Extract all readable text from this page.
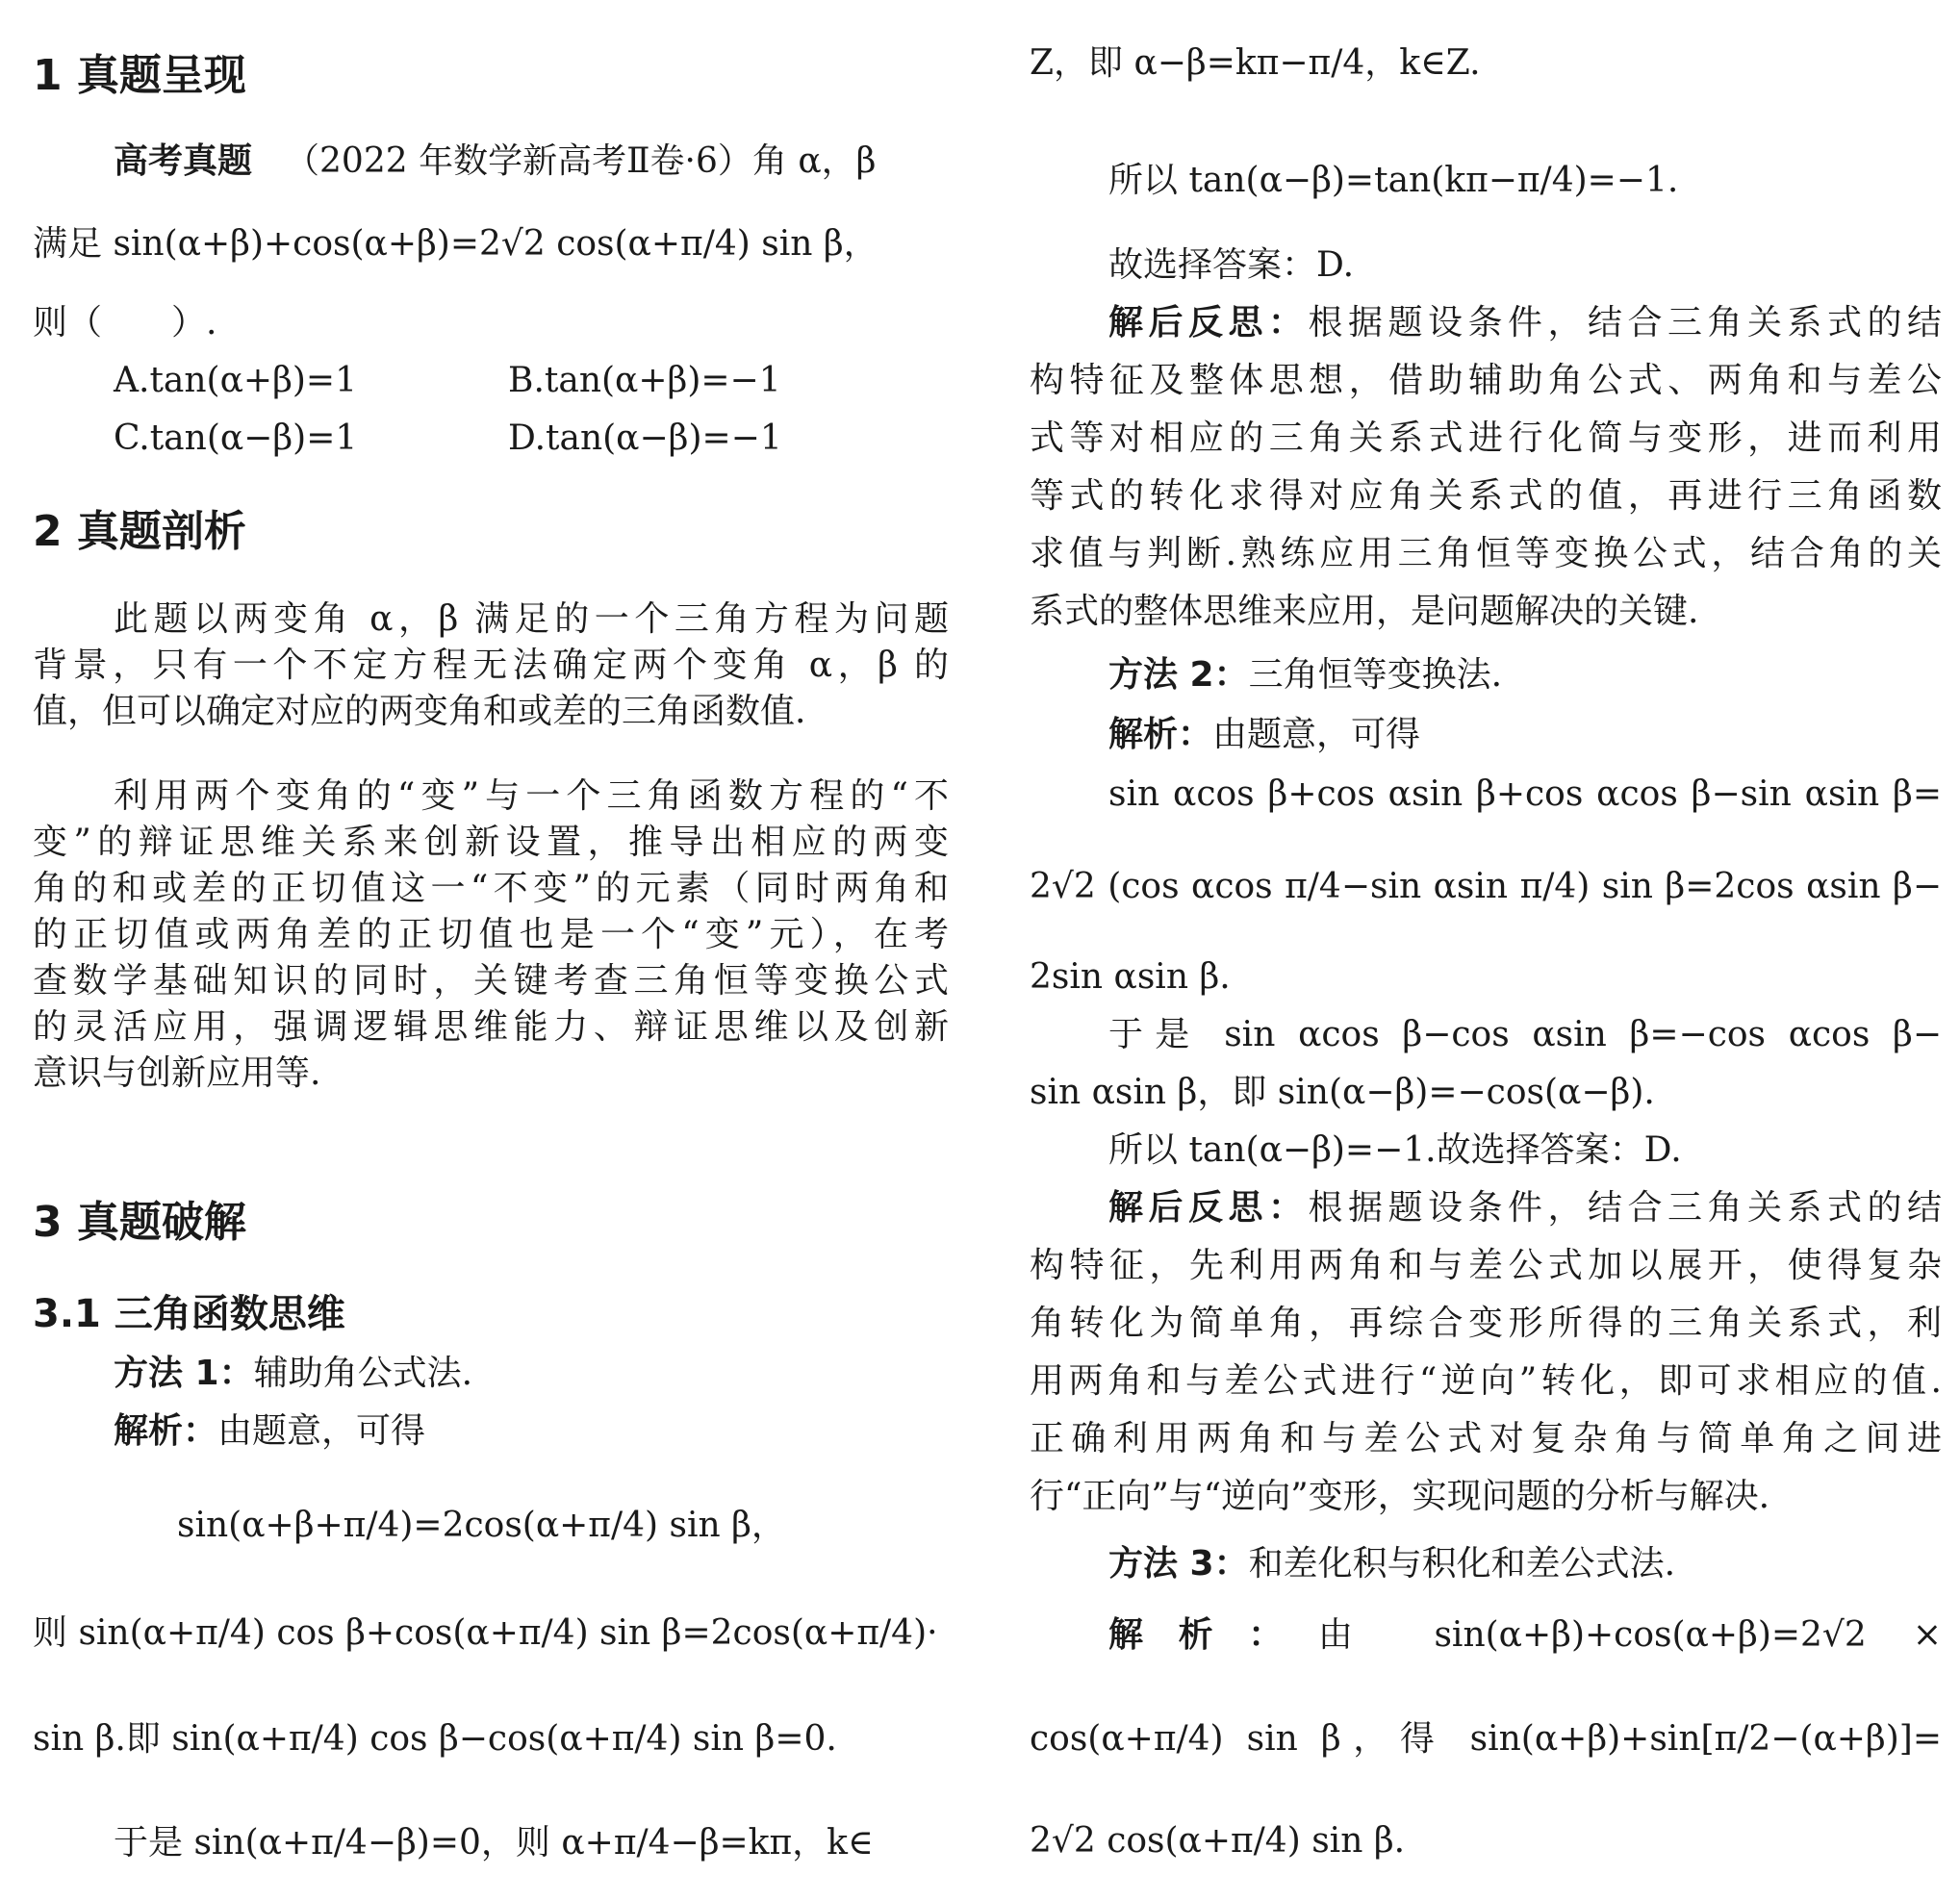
1 真题呈现
高考真题 （2022 年数学新高考Ⅱ卷·6）角 α，β
满足 sin(α+β)+cos(α+β)=2√2 cos(α+π/4) sin β，
则（　　）.
A.tan(α+β)=1	B.tan(α+β)=−1
C.tan(α−β)=1	D.tan(α−β)=−1
2 真题剖析
此题以两变角 α，β 满足的一个三角方程为问题
背景，只有一个不定方程无法确定两个变角 α，β 的
值，但可以确定对应的两变角和或差的三角函数值.
利用两个变角的“变”与一个三角函数方程的“不
变”的辩证思维关系来创新设置，推导出相应的两变
角的和或差的正切值这一“不变”的元素（同时两角和
的正切值或两角差的正切值也是一个“变”元），在考
查数学基础知识的同时，关键考查三角恒等变换公式
的灵活应用，强调逻辑思维能力、辩证思维以及创新
意识与创新应用等.
3 真题破解
3.1 三角函数思维
方法 1：辅助角公式法.
解析：由题意，可得
sin(α+β+π/4)=2cos(α+π/4) sin β，
则 sin(α+π/4) cos β+cos(α+π/4) sin β=2cos(α+π/4)·
sin β.即 sin(α+π/4) cos β−cos(α+π/4) sin β=0.
于是 sin(α+π/4−β)=0，则 α+π/4−β=kπ，k∈
Z，即 α−β=kπ−π/4，k∈Z.
所以 tan(α−β)=tan(kπ−π/4)=−1.
故选择答案：D.
解后反思：根据题设条件，结合三角关系式的结
构特征及整体思想，借助辅助角公式、两角和与差公
式等对相应的三角关系式进行化简与变形，进而利用
等式的转化求得对应角关系式的值，再进行三角函数
求值与判断.熟练应用三角恒等变换公式，结合角的关
系式的整体思维来应用，是问题解决的关键.
方法 2：三角恒等变换法.
解析：由题意，可得
sin αcos β+cos αsin β+cos αcos β−sin αsin β=
2√2 (cos αcos π/4−sin αsin π/4) sin β=2cos αsin β−
2sin αsin β.
于是 sin αcos β−cos αsin β=−cos αcos β−
sin αsin β，即 sin(α−β)=−cos(α−β).
所以 tan(α−β)=−1.故选择答案：D.
解后反思：根据题设条件，结合三角关系式的结
构特征，先利用两角和与差公式加以展开，使得复杂
角转化为简单角，再综合变形所得的三角关系式，利
用两角和与差公式进行“逆向”转化，即可求相应的值.
正确利用两角和与差公式对复杂角与简单角之间进
行“正向”与“逆向”变形，实现问题的分析与解决.
方法 3：和差化积与积化和差公式法.
解析：由 sin(α+β)+cos(α+β)=2√2 ×
cos(α+π/4) sin β，得 sin(α+β)+sin[π/2−(α+β)]=
2√2 cos(α+π/4) sin β.
